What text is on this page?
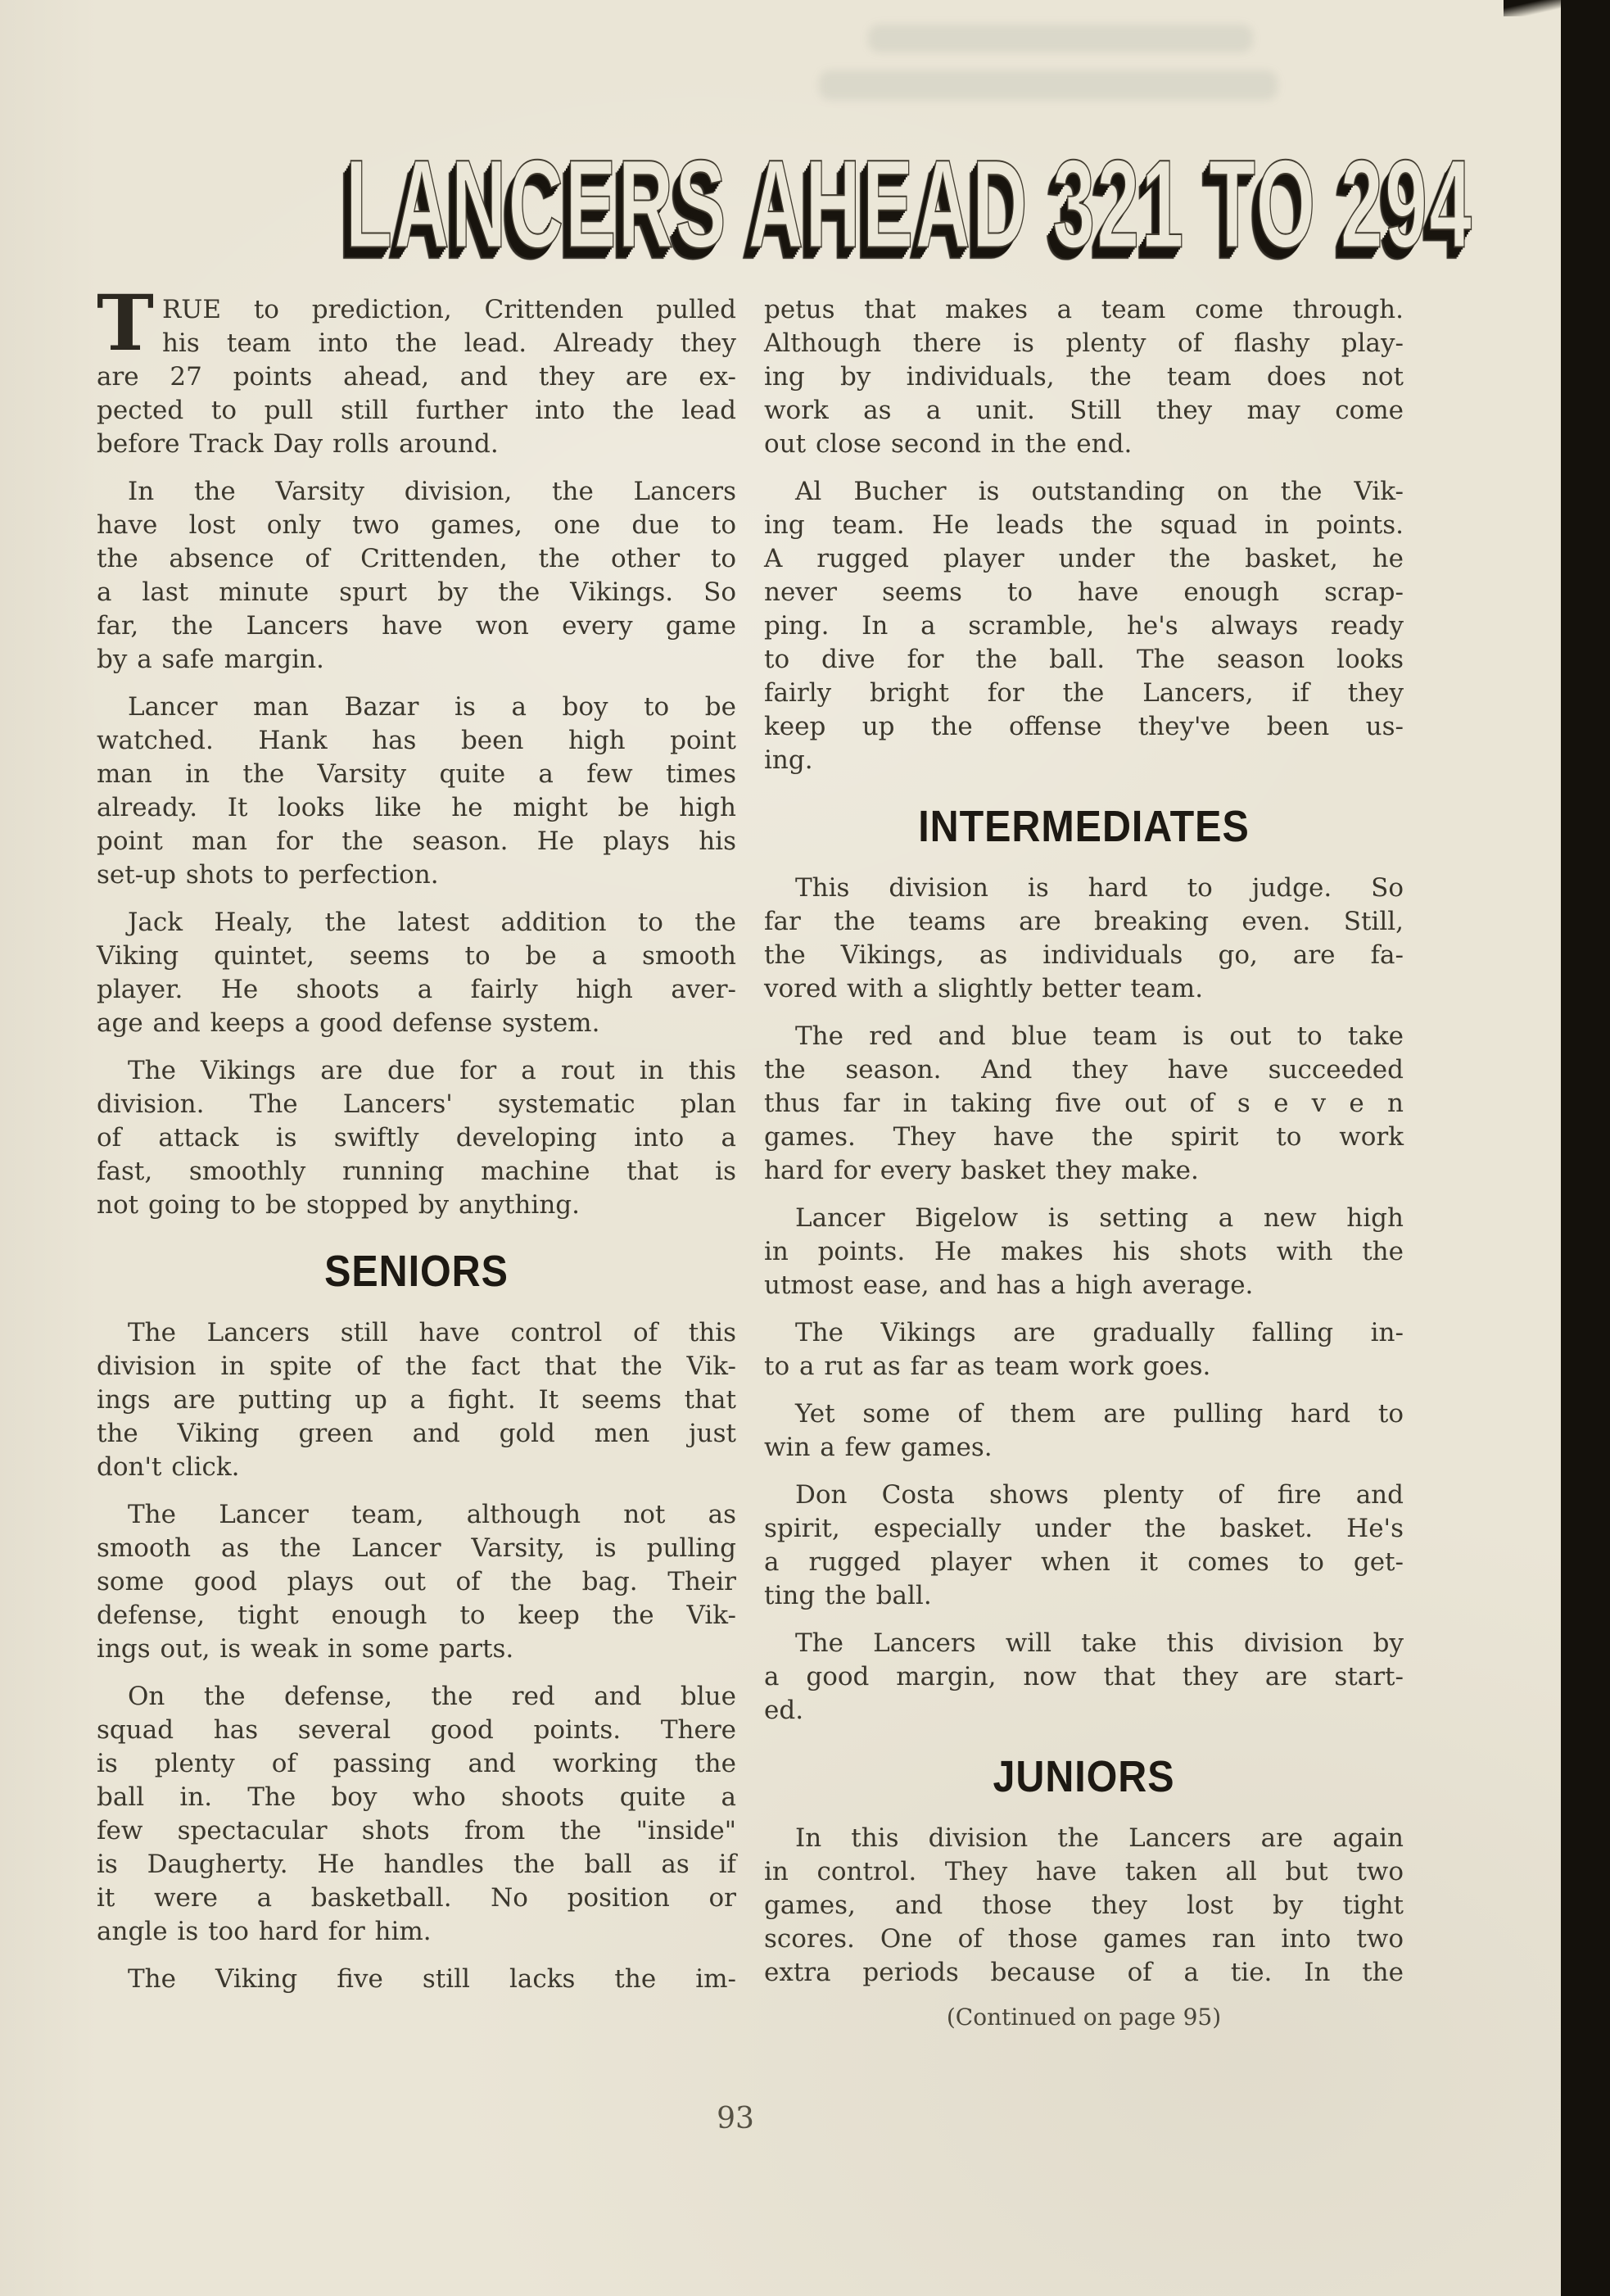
LANCERS AHEAD 321 TO 294

T RUE to prediction, Crittenden pulled
his team into the lead. Already they
are 27 points ahead, and they are ex-
pected to pull still further into the lead
before Track Day rolls around.

In the Varsity division, the Lancers
have lost only two games, one due to
the absence of Crittenden, the other to
a last minute spurt by the Vikings. So
far, the Lancers have won every game
by a safe margin.

Lancer man Bazar is a boy to be
watched. Hank has been high point
man in the Varsity quite a few times
already. It looks like he might be high
point man for the season. He plays his
set-up shots to perfection.

Jack Healy, the latest addition to the
Viking quintet, seems to be a smooth
player. He shoots a fairly high aver-
age and keeps a good defense system.

The Vikings are due for a rout in this
division. The Lancers' systematic plan
of attack is swiftly developing into a
fast, smoothly running machine that is
not going to be stopped by anything.

SENIORS

The Lancers still have control of this
division in spite of the fact that the Vik-
ings are putting up a fight. It seems that
the Viking green and gold men just
don't click.

The Lancer team, although not as
smooth as the Lancer Varsity, is pulling
some good plays out of the bag. Their
defense, tight enough to keep the Vik-
ings out, is weak in some parts.

On the defense, the red and blue
squad has several good points. There
is plenty of passing and working the
ball in. The boy who shoots quite a
few spectacular shots from the "inside"
is Daugherty. He handles the ball as if
it were a basketball. No position or
angle is too hard for him.

The Viking five still lacks the im-

petus that makes a team come through.
Although there is plenty of flashy play-
ing by individuals, the team does not
work as a unit. Still they may come
out close second in the end.

Al Bucher is outstanding on the Vik-
ing team. He leads the squad in points.
A rugged player under the basket, he
never seems to have enough scrap-
ping. In a scramble, he's always ready
to dive for the ball. The season looks
fairly bright for the Lancers, if they
keep up the offense they've been us-
ing.

INTERMEDIATES

This division is hard to judge. So
far the teams are breaking even. Still,
the Vikings, as individuals go, are fa-
vored with a slightly better team.

The red and blue team is out to take
the season. And they have succeeded
thus far in taking five out of s e v e n
games. They have the spirit to work
hard for every basket they make.

Lancer Bigelow is setting a new high
in points. He makes his shots with the
utmost ease, and has a high average.

The Vikings are gradually falling in-
to a rut as far as team work goes.

Yet some of them are pulling hard to
win a few games.

Don Costa shows plenty of fire and
spirit, especially under the basket. He's
a rugged player when it comes to get-
ting the ball.

The Lancers will take this division by
a good margin, now that they are start-
ed.

JUNIORS

In this division the Lancers are again
in control. They have taken all but two
games, and those they lost by tight
scores. One of those games ran into two
extra periods because of a tie. In the

(Continued on page 95)

93
